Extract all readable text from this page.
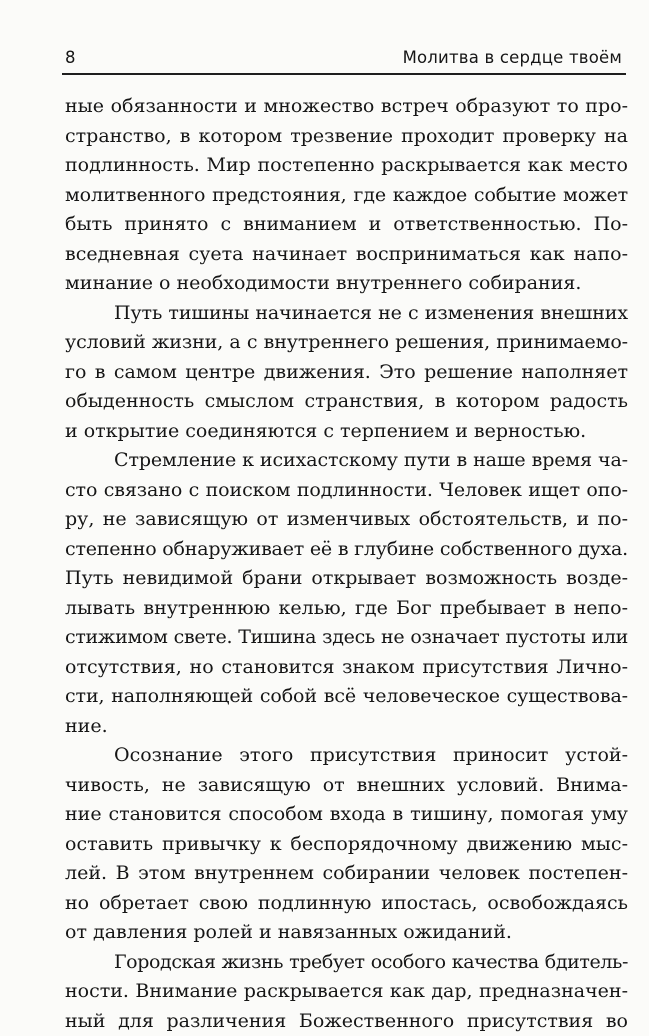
8	Молитва в сердце твоём
ные обязанности и множество встреч образуют то про-
странство, в котором трезвение проходит проверку на
подлинность. Мир постепенно раскрывается как место
молитвенного предстояния, где каждое событие может
быть принято с вниманием и ответственностью. По-
вседневная суета начинает восприниматься как напо-
минание о необходимости внутреннего собирания.
Путь тишины начинается не с изменения внешних
условий жизни, а с внутреннего решения, принимаемо-
го в самом центре движения. Это решение наполняет
обыденность смыслом странствия, в котором радость
и открытие соединяются с терпением и верностью.
Стремление к исихастскому пути в наше время ча-
сто связано с поиском подлинности. Человек ищет опо-
ру, не зависящую от изменчивых обстоятельств, и по-
степенно обнаруживает её в глубине собственного духа.
Путь невидимой брани открывает возможность возде-
лывать внутреннюю келью, где Бог пребывает в непо-
стижимом свете. Тишина здесь не означает пустоты или
отсутствия, но становится знаком присутствия Лично-
сти, наполняющей собой всё человеческое существова-
ние.
Осознание этого присутствия приносит устой-
чивость, не зависящую от внешних условий. Внима-
ние становится способом входа в тишину, помогая уму
оставить привычку к беспорядочному движению мыс-
лей. В этом внутреннем собирании человек постепен-
но обретает свою подлинную ипостась, освобождаясь
от давления ролей и навязанных ожиданий.
Городская жизнь требует особого качества бдитель-
ности. Внимание раскрывается как дар, предназначен-
ный для различения Божественного присутствия во
